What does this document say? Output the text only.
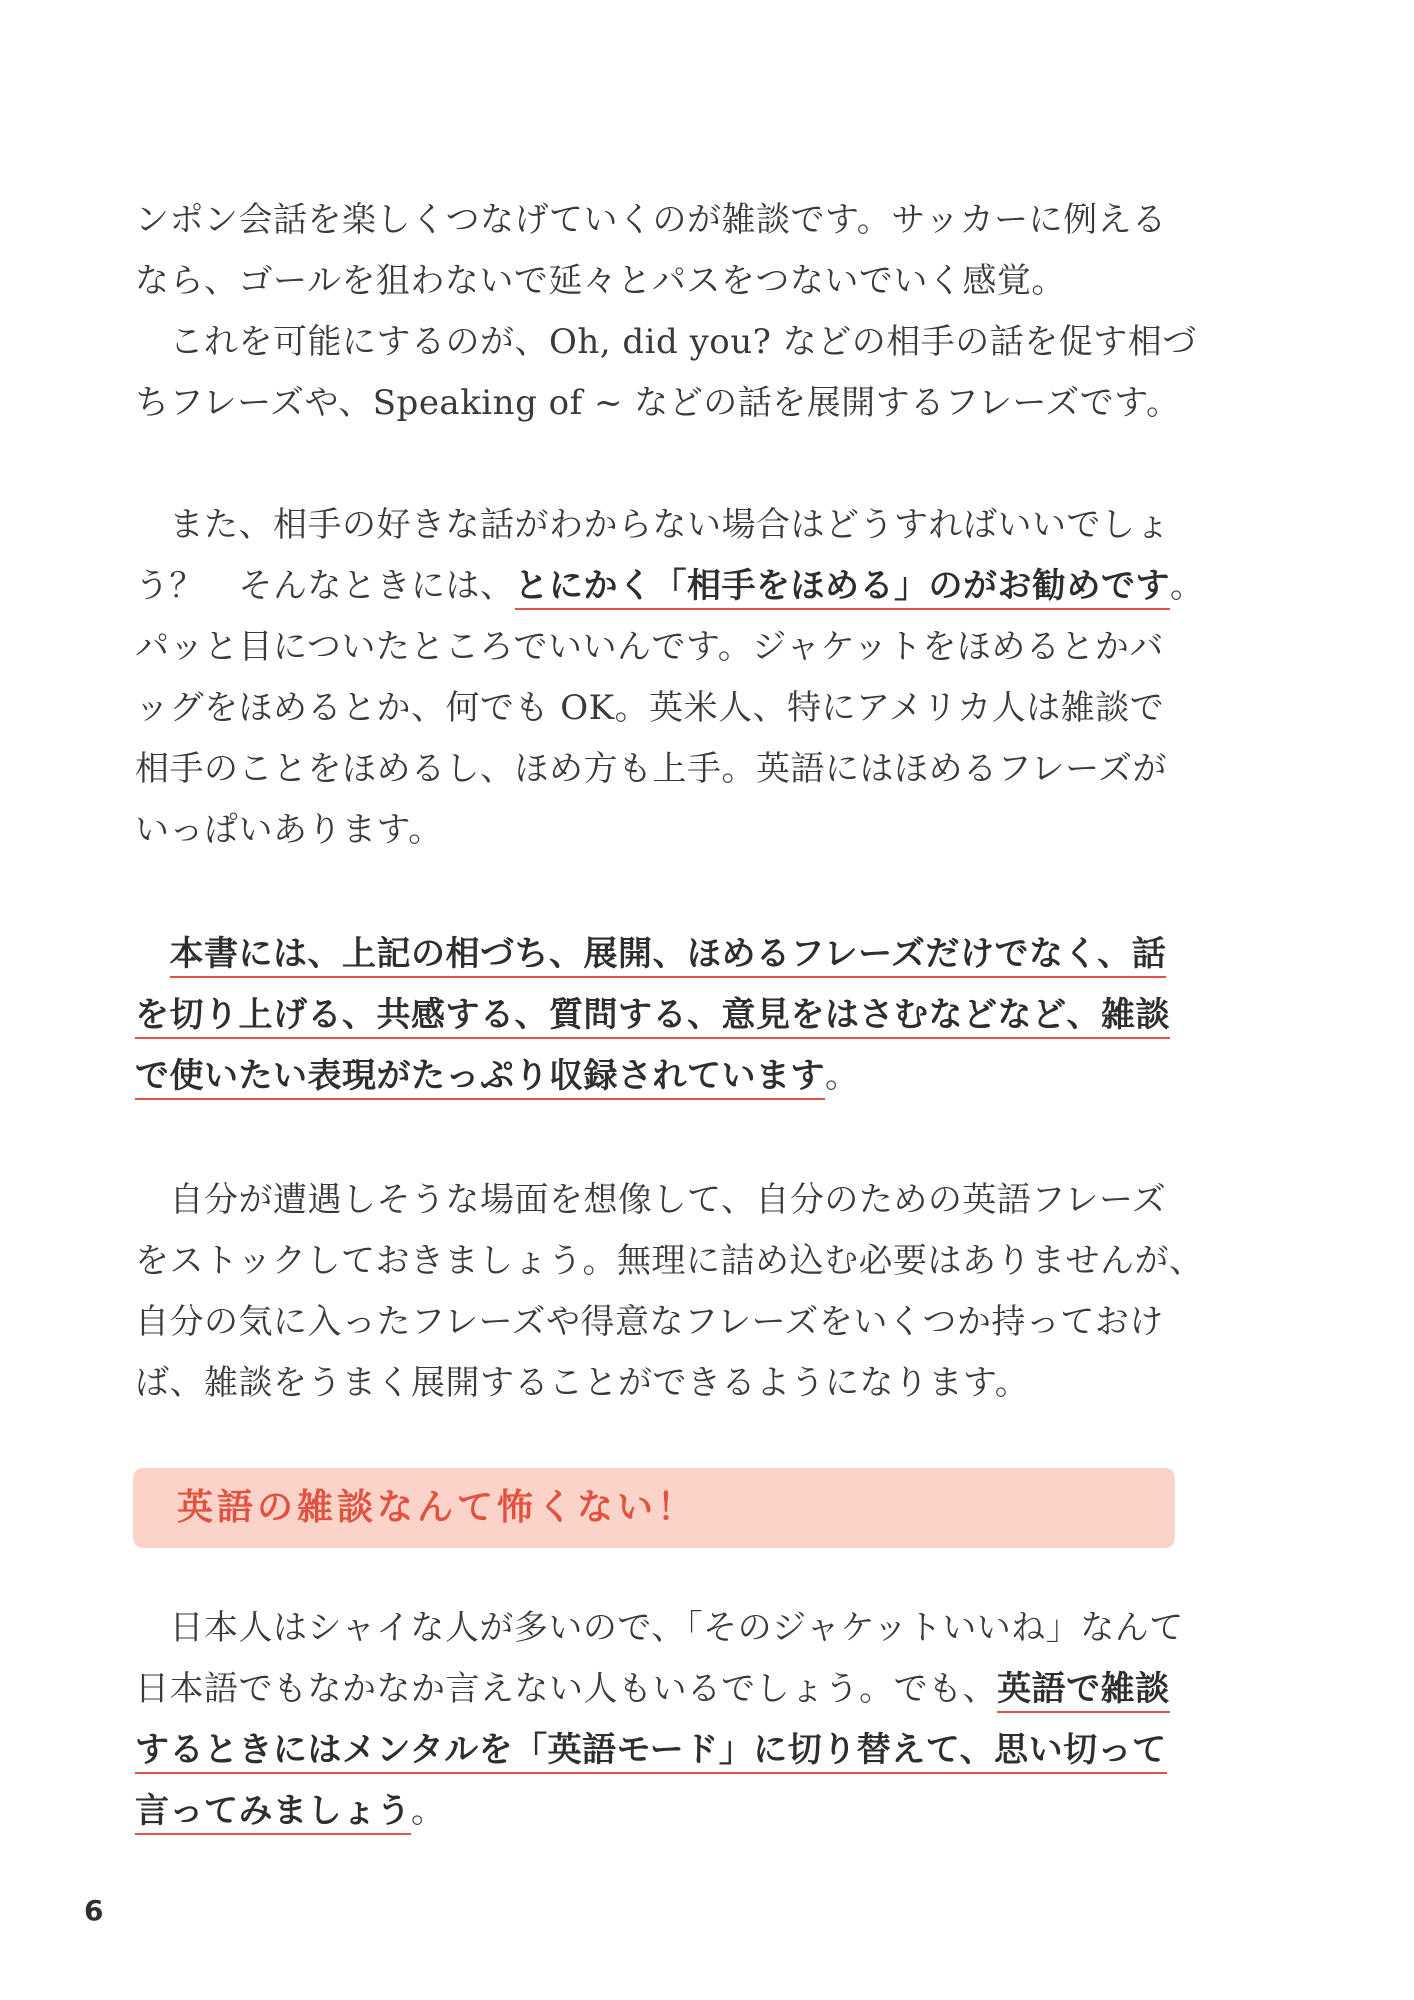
ンポン会話を楽しくつなげていくのが雑談です。サッカーに例える
なら、ゴールを狙わないで延々とパスをつないでいく感覚。
　これを可能にするのが、Oh, did you? などの相手の話を促す相づ
ちフレーズや、Speaking of ~ などの話を展開するフレーズです。
　また、相手の好きな話がわからない場合はどうすればいいでしょ
う？　そんなときには、とにかく「相手をほめる」のがお勧めです。
パッと目についたところでいいんです。ジャケットをほめるとかバ
ッグをほめるとか、何でも OK。英米人、特にアメリカ人は雑談で
相手のことをほめるし、ほめ方も上手。英語にはほめるフレーズが
いっぱいあります。
　本書には、上記の相づち、展開、ほめるフレーズだけでなく、話
を切り上げる、共感する、質問する、意見をはさむなどなど、雑談
で使いたい表現がたっぷり収録されています。
　自分が遭遇しそうな場面を想像して、自分のための英語フレーズ
をストックしておきましょう。無理に詰め込む必要はありませんが、
自分の気に入ったフレーズや得意なフレーズをいくつか持っておけ
ば、雑談をうまく展開することができるようになります。
英語の雑談なんて怖くない！
　日本人はシャイな人が多いので、「そのジャケットいいね」なんて
日本語でもなかなか言えない人もいるでしょう。でも、英語で雑談
するときにはメンタルを「英語モード」に切り替えて、思い切って
言ってみましょう。
6
